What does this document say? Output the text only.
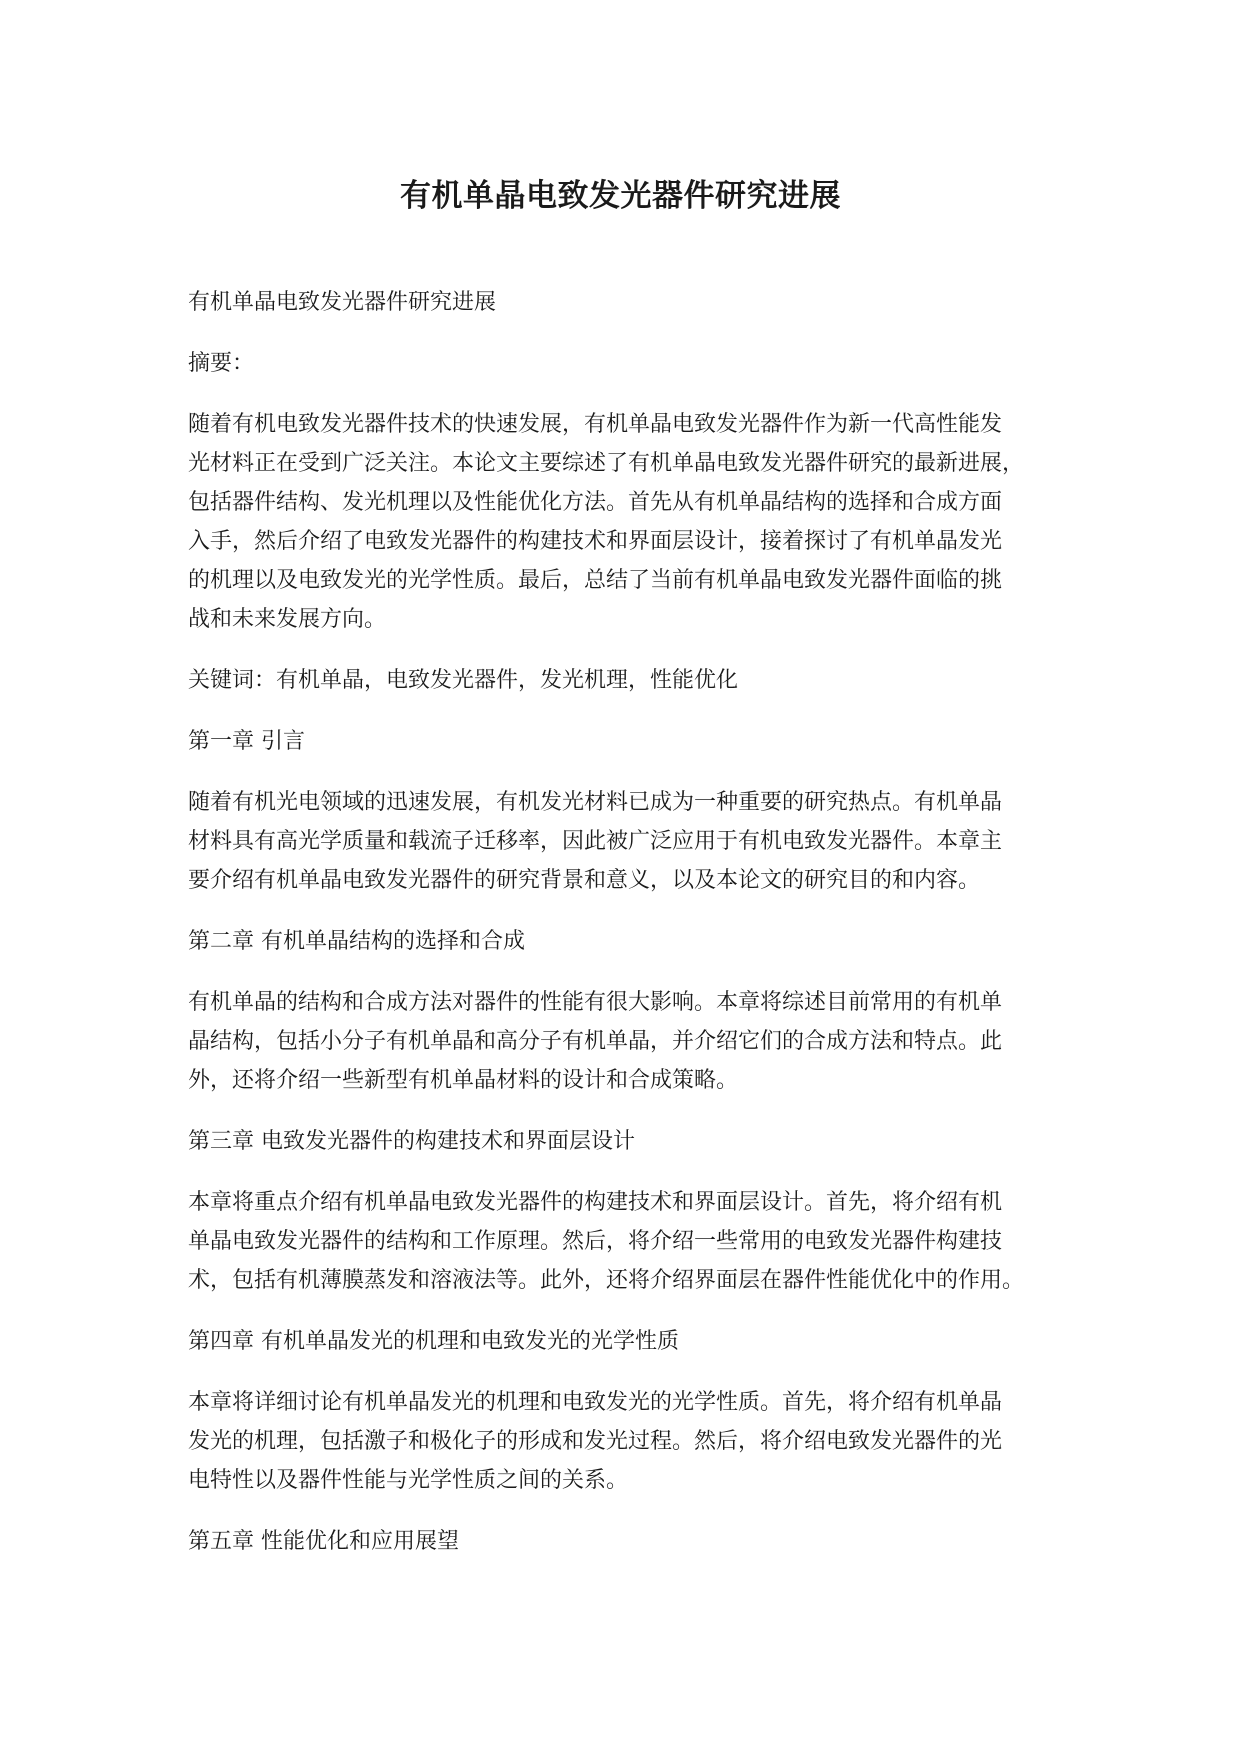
有机单晶电致发光器件研究进展

有机单晶电致发光器件研究进展

摘要：

随着有机电致发光器件技术的快速发展，有机单晶电致发光器件作为新一代高性能发
光材料正在受到广泛关注。本论文主要综述了有机单晶电致发光器件研究的最新进展，
包括器件结构、发光机理以及性能优化方法。首先从有机单晶结构的选择和合成方面
入手，然后介绍了电致发光器件的构建技术和界面层设计，接着探讨了有机单晶发光
的机理以及电致发光的光学性质。最后，总结了当前有机单晶电致发光器件面临的挑
战和未来发展方向。

关键词：有机单晶，电致发光器件，发光机理，性能优化

第一章 引言

随着有机光电领域的迅速发展，有机发光材料已成为一种重要的研究热点。有机单晶
材料具有高光学质量和载流子迁移率，因此被广泛应用于有机电致发光器件。本章主
要介绍有机单晶电致发光器件的研究背景和意义，以及本论文的研究目的和内容。

第二章 有机单晶结构的选择和合成

有机单晶的结构和合成方法对器件的性能有很大影响。本章将综述目前常用的有机单
晶结构，包括小分子有机单晶和高分子有机单晶，并介绍它们的合成方法和特点。此
外，还将介绍一些新型有机单晶材料的设计和合成策略。

第三章 电致发光器件的构建技术和界面层设计

本章将重点介绍有机单晶电致发光器件的构建技术和界面层设计。首先，将介绍有机
单晶电致发光器件的结构和工作原理。然后，将介绍一些常用的电致发光器件构建技
术，包括有机薄膜蒸发和溶液法等。此外，还将介绍界面层在器件性能优化中的作用。

第四章 有机单晶发光的机理和电致发光的光学性质

本章将详细讨论有机单晶发光的机理和电致发光的光学性质。首先，将介绍有机单晶
发光的机理，包括激子和极化子的形成和发光过程。然后，将介绍电致发光器件的光
电特性以及器件性能与光学性质之间的关系。

第五章 性能优化和应用展望
